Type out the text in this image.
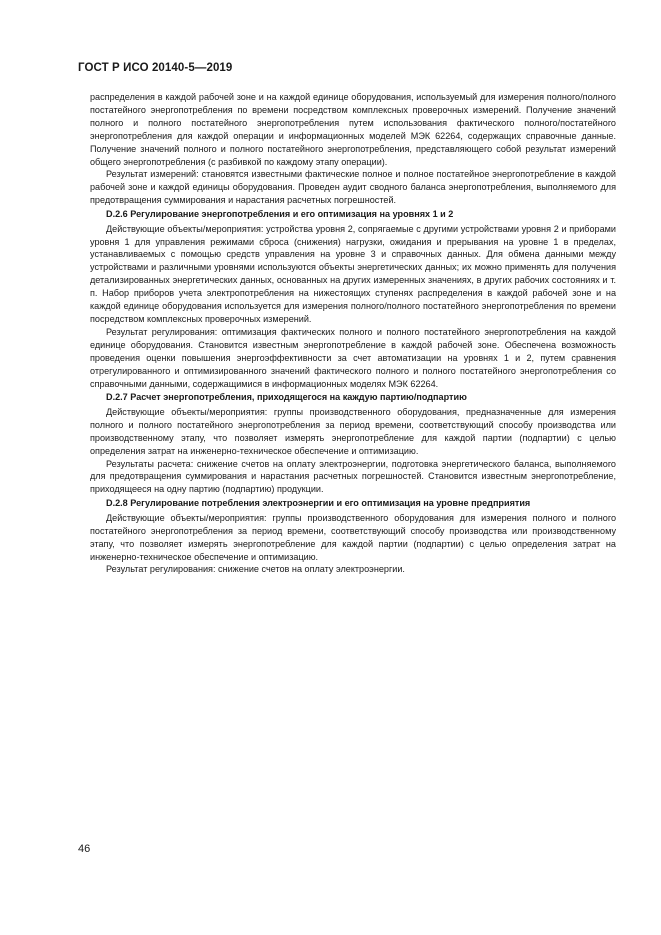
ГОСТ Р ИСО 20140-5—2019

распределения в каждой рабочей зоне и на каждой единице оборудования, используемый для измерения полного/полного постатейного энергопотребления по времени посредством комплексных проверочных измерений. Получение значений полного и полного постатейного энергопотребления путем использования фактического полного/постатейного энергопотребления для каждой операции и информационных моделей МЭК 62264, содержащих справочные данные. Получение значений полного и полного постатейного энергопотребления, представляющего собой результат измерений общего энергопотребления (с разбивкой по каждому этапу операции).

Результат измерений: становятся известными фактические полное и полное постатейное энергопотребление в каждой рабочей зоне и каждой единицы оборудования. Проведен аудит сводного баланса энергопотребления, выполняемого для предотвращения суммирования и нарастания расчетных погрешностей.

D.2.6 Регулирование энергопотребления и его оптимизация на уровнях 1 и 2

Действующие объекты/мероприятия: устройства уровня 2, сопрягаемые с другими устройствами уровня 2 и приборами уровня 1 для управления режимами сброса (снижения) нагрузки, ожидания и прерывания на уровне 1 в пределах, устанавливаемых с помощью средств управления на уровне 3 и справочных данных. Для обмена данными между устройствами и различными уровнями используются объекты энергетических данных; их можно применять для получения детализированных энергетических данных, основанных на других измеренных значениях, в других рабочих состояниях и т. п. Набор приборов учета электропотребления на нижестоящих ступенях распределения в каждой рабочей зоне и на каждой единице оборудования используется для измерения полного/полного постатейного энергопотребления по времени посредством комплексных проверочных измерений.

Результат регулирования: оптимизация фактических полного и полного постатейного энергопотребления на каждой единице оборудования. Становится известным энергопотребление в каждой рабочей зоне. Обеспечена возможность проведения оценки повышения энергоэффективности за счет автоматизации на уровнях 1 и 2, путем сравнения отрегулированного и оптимизированного значений фактического полного и полного постатейного энергопотребления со справочными данными, содержащимися в информационных моделях МЭК 62264.

D.2.7 Расчет энергопотребления, приходящегося на каждую партию/подпартию

Действующие объекты/мероприятия: группы производственного оборудования, предназначенные для измерения полного и полного постатейного энергопотребления за период времени, соответствующий способу производства или производственному этапу, что позволяет измерять энергопотребление для каждой партии (подпартии) с целью определения затрат на инженерно-техническое обеспечение и оптимизацию.

Результаты расчета: снижение счетов на оплату электроэнергии, подготовка энергетического баланса, выполняемого для предотвращения суммирования и нарастания расчетных погрешностей. Становится известным энергопотребление, приходящееся на одну партию (подпартию) продукции.

D.2.8 Регулирование потребления электроэнергии и его оптимизация на уровне предприятия

Действующие объекты/мероприятия: группы производственного оборудования для измерения полного и полного постатейного энергопотребления за период времени, соответствующий способу производства или производственному этапу, что позволяет измерять энергопотребление для каждой партии (подпартии) с целью определения затрат на инженерно-техническое обеспечение и оптимизацию.

Результат регулирования: снижение счетов на оплату электроэнергии.

46
